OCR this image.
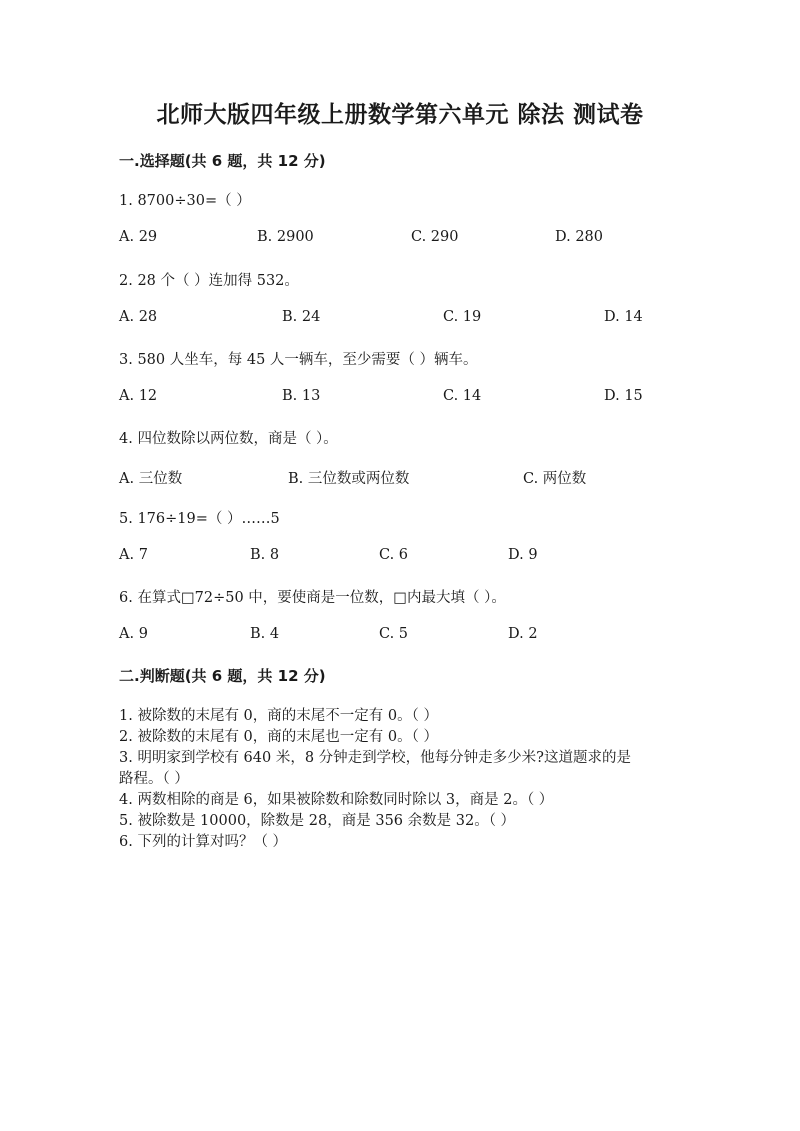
北师大版四年级上册数学第六单元 除法 测试卷
一.选择题(共 6 题，共 12 分)
1. 8700÷30=（ ）
A. 29	B. 2900	C. 290	D. 280
2. 28 个（ ）连加得 532。
A. 28	B. 24	C. 19	D. 14
3. 580 人坐车，每 45 人一辆车，至少需要（ ）辆车。
A. 12	B. 13	C. 14	D. 15
4. 四位数除以两位数，商是（ ）。
A. 三位数	B. 三位数或两位数	C. 两位数
5. 176÷19=（ ）……5
A. 7	B. 8	C. 6	D. 9
6. 在算式□72÷50 中，要使商是一位数，□内最大填（ ）。
A. 9	B. 4	C. 5	D. 2
二.判断题(共 6 题，共 12 分)
1. 被除数的末尾有 0，商的末尾不一定有 0。（ ）
2. 被除数的末尾有 0，商的末尾也一定有 0。（ ）
3. 明明家到学校有 640 米，8 分钟走到学校，他每分钟走多少米?这道题求的是
路程。（ ）
4. 两数相除的商是 6，如果被除数和除数同时除以 3，商是 2。（ ）
5. 被除数是 10000，除数是 28，商是 356 余数是 32。（ ）
6. 下列的计算对吗？（ ）
